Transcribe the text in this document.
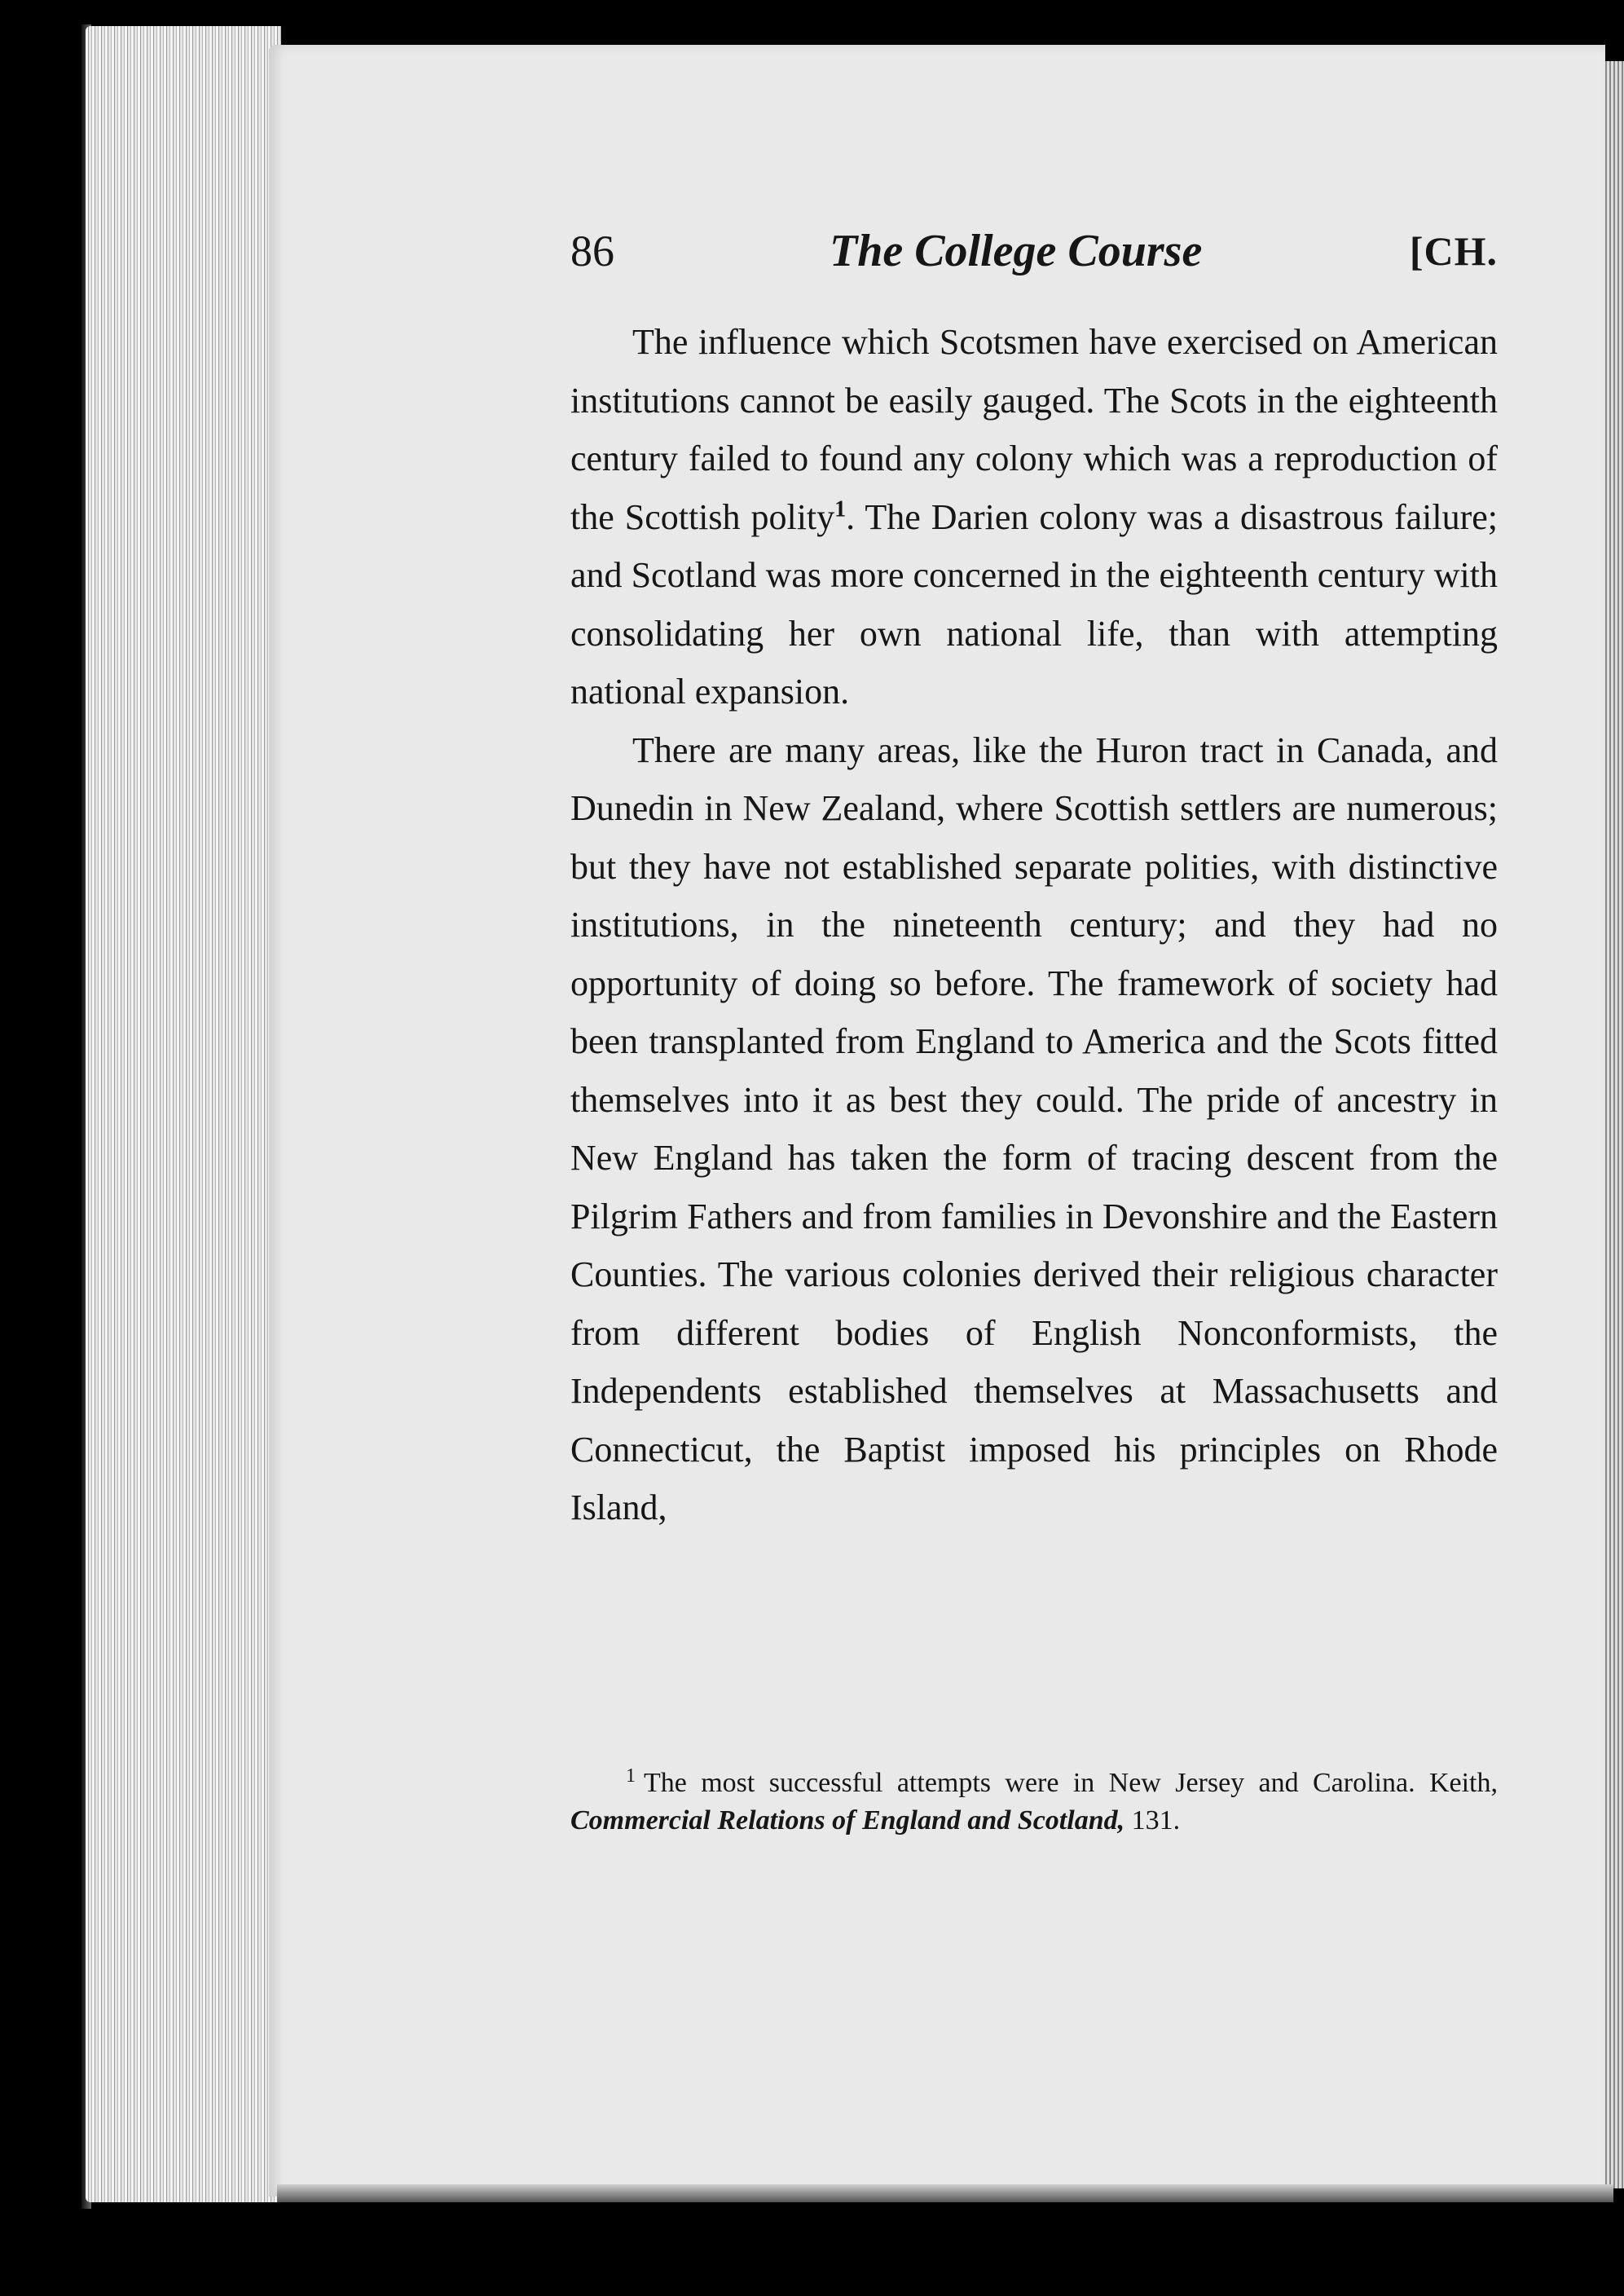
86	The College Course	[CH.

The influence which Scotsmen have exercised on American institutions cannot be easily gauged. The Scots in the eighteenth century failed to found any colony which was a reproduction of the Scottish polity$^1$. The Darien colony was a disastrous failure; and Scotland was more concerned in the eighteenth century with consolidating her own national life, than with attempting national expansion.

There are many areas, like the Huron tract in Canada, and Dunedin in New Zealand, where Scottish settlers are numerous; but they have not established separate polities, with distinctive institutions, in the nineteenth century; and they had no opportunity of doing so before. The framework of society had been transplanted from England to America and the Scots fitted themselves into it as best they could. The pride of ancestry in New England has taken the form of tracing descent from the Pilgrim Fathers and from families in Devonshire and the Eastern Counties. The various colonies derived their religious character from different bodies of English Nonconformists, the Independents established themselves at Massachusetts and Connecticut, the Baptist imposed his principles on Rhode Island,

$^1$ The most successful attempts were in New Jersey and Carolina. Keith, Commercial Relations of England and Scotland, 131.
